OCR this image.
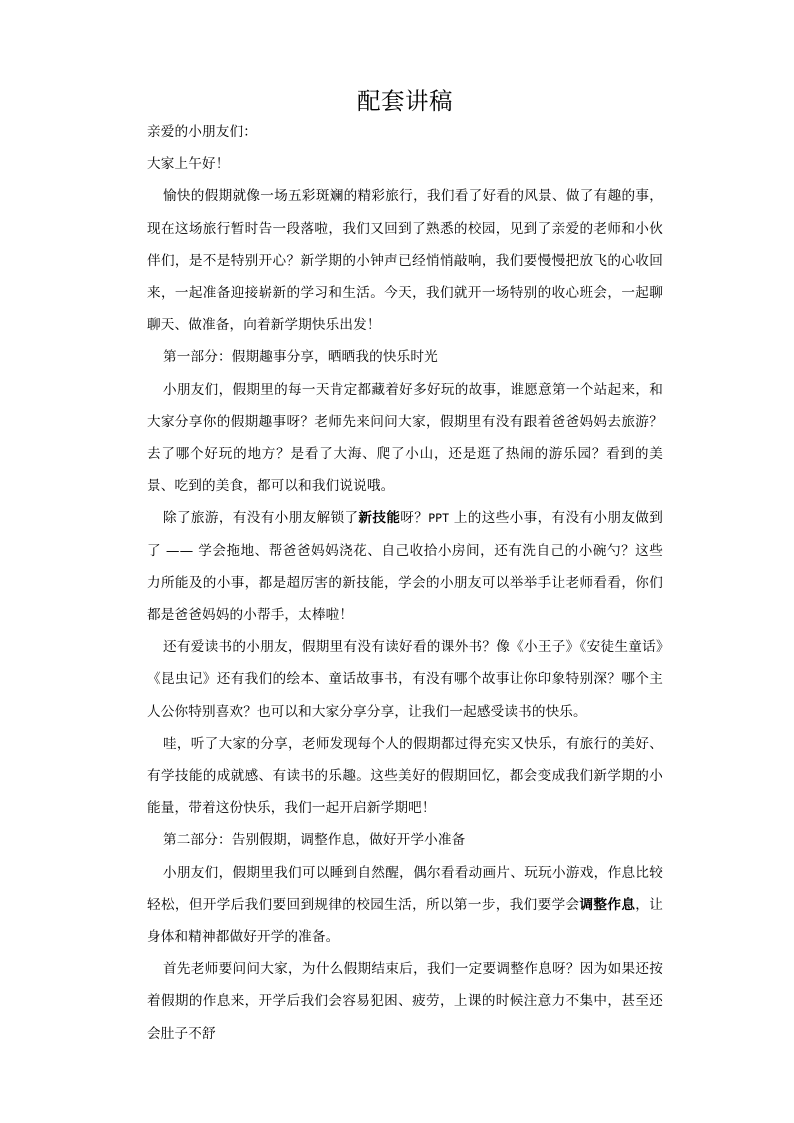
配套讲稿

亲爱的小朋友们：

大家上午好！

愉快的假期就像一场五彩斑斓的精彩旅行，我们看了好看的风景、做了有趣的事，现在这场旅行暂时告一段落啦，我们又回到了熟悉的校园，见到了亲爱的老师和小伙伴们，是不是特别开心？新学期的小钟声已经悄悄敲响，我们要慢慢把放飞的心收回来，一起准备迎接崭新的学习和生活。今天，我们就开一场特别的收心班会，一起聊聊天、做准备，向着新学期快乐出发！

第一部分：假期趣事分享，晒晒我的快乐时光

小朋友们，假期里的每一天肯定都藏着好多好玩的故事，谁愿意第一个站起来，和大家分享你的假期趣事呀？老师先来问问大家，假期里有没有跟着爸爸妈妈去旅游？去了哪个好玩的地方？是看了大海、爬了小山，还是逛了热闹的游乐园？看到的美景、吃到的美食，都可以和我们说说哦。

除了旅游，有没有小朋友解锁了新技能呀？PPT 上的这些小事，有没有小朋友做到了 —— 学会拖地、帮爸爸妈妈浇花、自己收拾小房间，还有洗自己的小碗勺？这些力所能及的小事，都是超厉害的新技能，学会的小朋友可以举举手让老师看看，你们都是爸爸妈妈的小帮手，太棒啦！

还有爱读书的小朋友，假期里有没有读好看的课外书？像《小王子》《安徒生童话》《昆虫记》还有我们的绘本、童话故事书，有没有哪个故事让你印象特别深？哪个主人公你特别喜欢？也可以和大家分享分享，让我们一起感受读书的快乐。

哇，听了大家的分享，老师发现每个人的假期都过得充实又快乐，有旅行的美好、有学技能的成就感、有读书的乐趣。这些美好的假期回忆，都会变成我们新学期的小能量，带着这份快乐，我们一起开启新学期吧！

第二部分：告别假期，调整作息，做好开学小准备

小朋友们，假期里我们可以睡到自然醒，偶尔看看动画片、玩玩小游戏，作息比较轻松，但开学后我们要回到规律的校园生活，所以第一步，我们要学会调整作息，让身体和精神都做好开学的准备。

首先老师要问问大家，为什么假期结束后，我们一定要调整作息呀？因为如果还按着假期的作息来，开学后我们会容易犯困、疲劳，上课的时候注意力不集中，甚至还会肚子不舒
